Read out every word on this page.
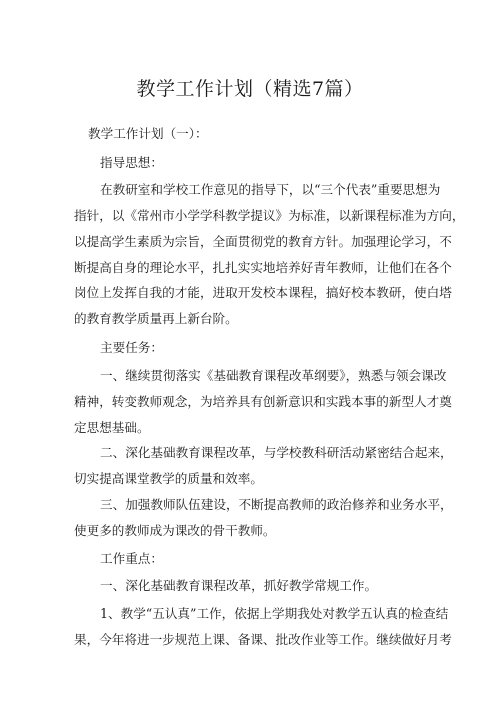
教学工作计划（精选7篇）
教学工作计划（一）：
指导思想：
在教研室和学校工作意见的指导下，以“三个代表”重要思想为
指针，以《常州市小学学科教学提议》为标准，以新课程标准为方向，
以提高学生素质为宗旨，全面贯彻党的教育方针。加强理论学习，不
断提高自身的理论水平，扎扎实实地培养好青年教师，让他们在各个
岗位上发挥自我的才能，进取开发校本课程，搞好校本教研，使白塔
的教育教学质量再上新台阶。
主要任务：
一、继续贯彻落实《基础教育课程改革纲要》，熟悉与领会课改
精神，转变教师观念，为培养具有创新意识和实践本事的新型人才奠
定思想基础。
二、深化基础教育课程改革，与学校教科研活动紧密结合起来，
切实提高课堂教学的质量和效率。
三、加强教师队伍建设，不断提高教师的政治修养和业务水平，
使更多的教师成为课改的骨干教师。
工作重点：
一、深化基础教育课程改革，抓好教学常规工作。
1、教学“五认真”工作，依据上学期我处对教学五认真的检查结
果，今年将进一步规范上课、备课、批改作业等工作。继续做好月考
